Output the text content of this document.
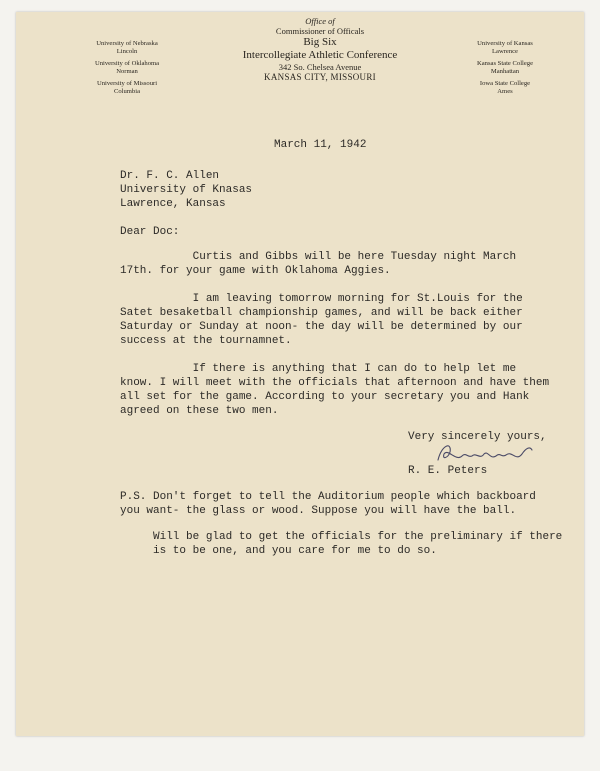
University of Nebraska
Lincoln
University of Oklahoma
Norman
University of Missouri
Columbia
Office of
Commissioner of Officals
Big Six
Intercollegiate Athletic Conference
342 So. Chelsea Avenue
KANSAS CITY, MISSOURI
University of Kansas
Lawrence
Kansas State College
Manhattan
Iowa State College
Ames
March 11, 1942
Dr. F. C. Allen
University of Knasas
Lawrence, Kansas
Dear Doc:
Curtis and Gibbs will be here Tuesday night March
17th. for your game with Oklahoma Aggies.
I am leaving tomorrow morning for St.Louis for the
Satet besaketball championship games, and will be back either
Saturday or Sunday at noon- the day will be determined by our
success at the tournamnet.
If there is anything that I can do to help let me
know. I will meet with the officials that afternoon and have them
all set for the game. According to your secretary you and Hank
agreed on these two men.
Very sincerely yours,
R. E. Peters
P.S. Don't forget to tell the Auditorium people which backboard
you want- the glass or wood. Suppose you will have the ball.
Will be glad to get the officials for the preliminary if there
is to be one, and you care for me to do so.
